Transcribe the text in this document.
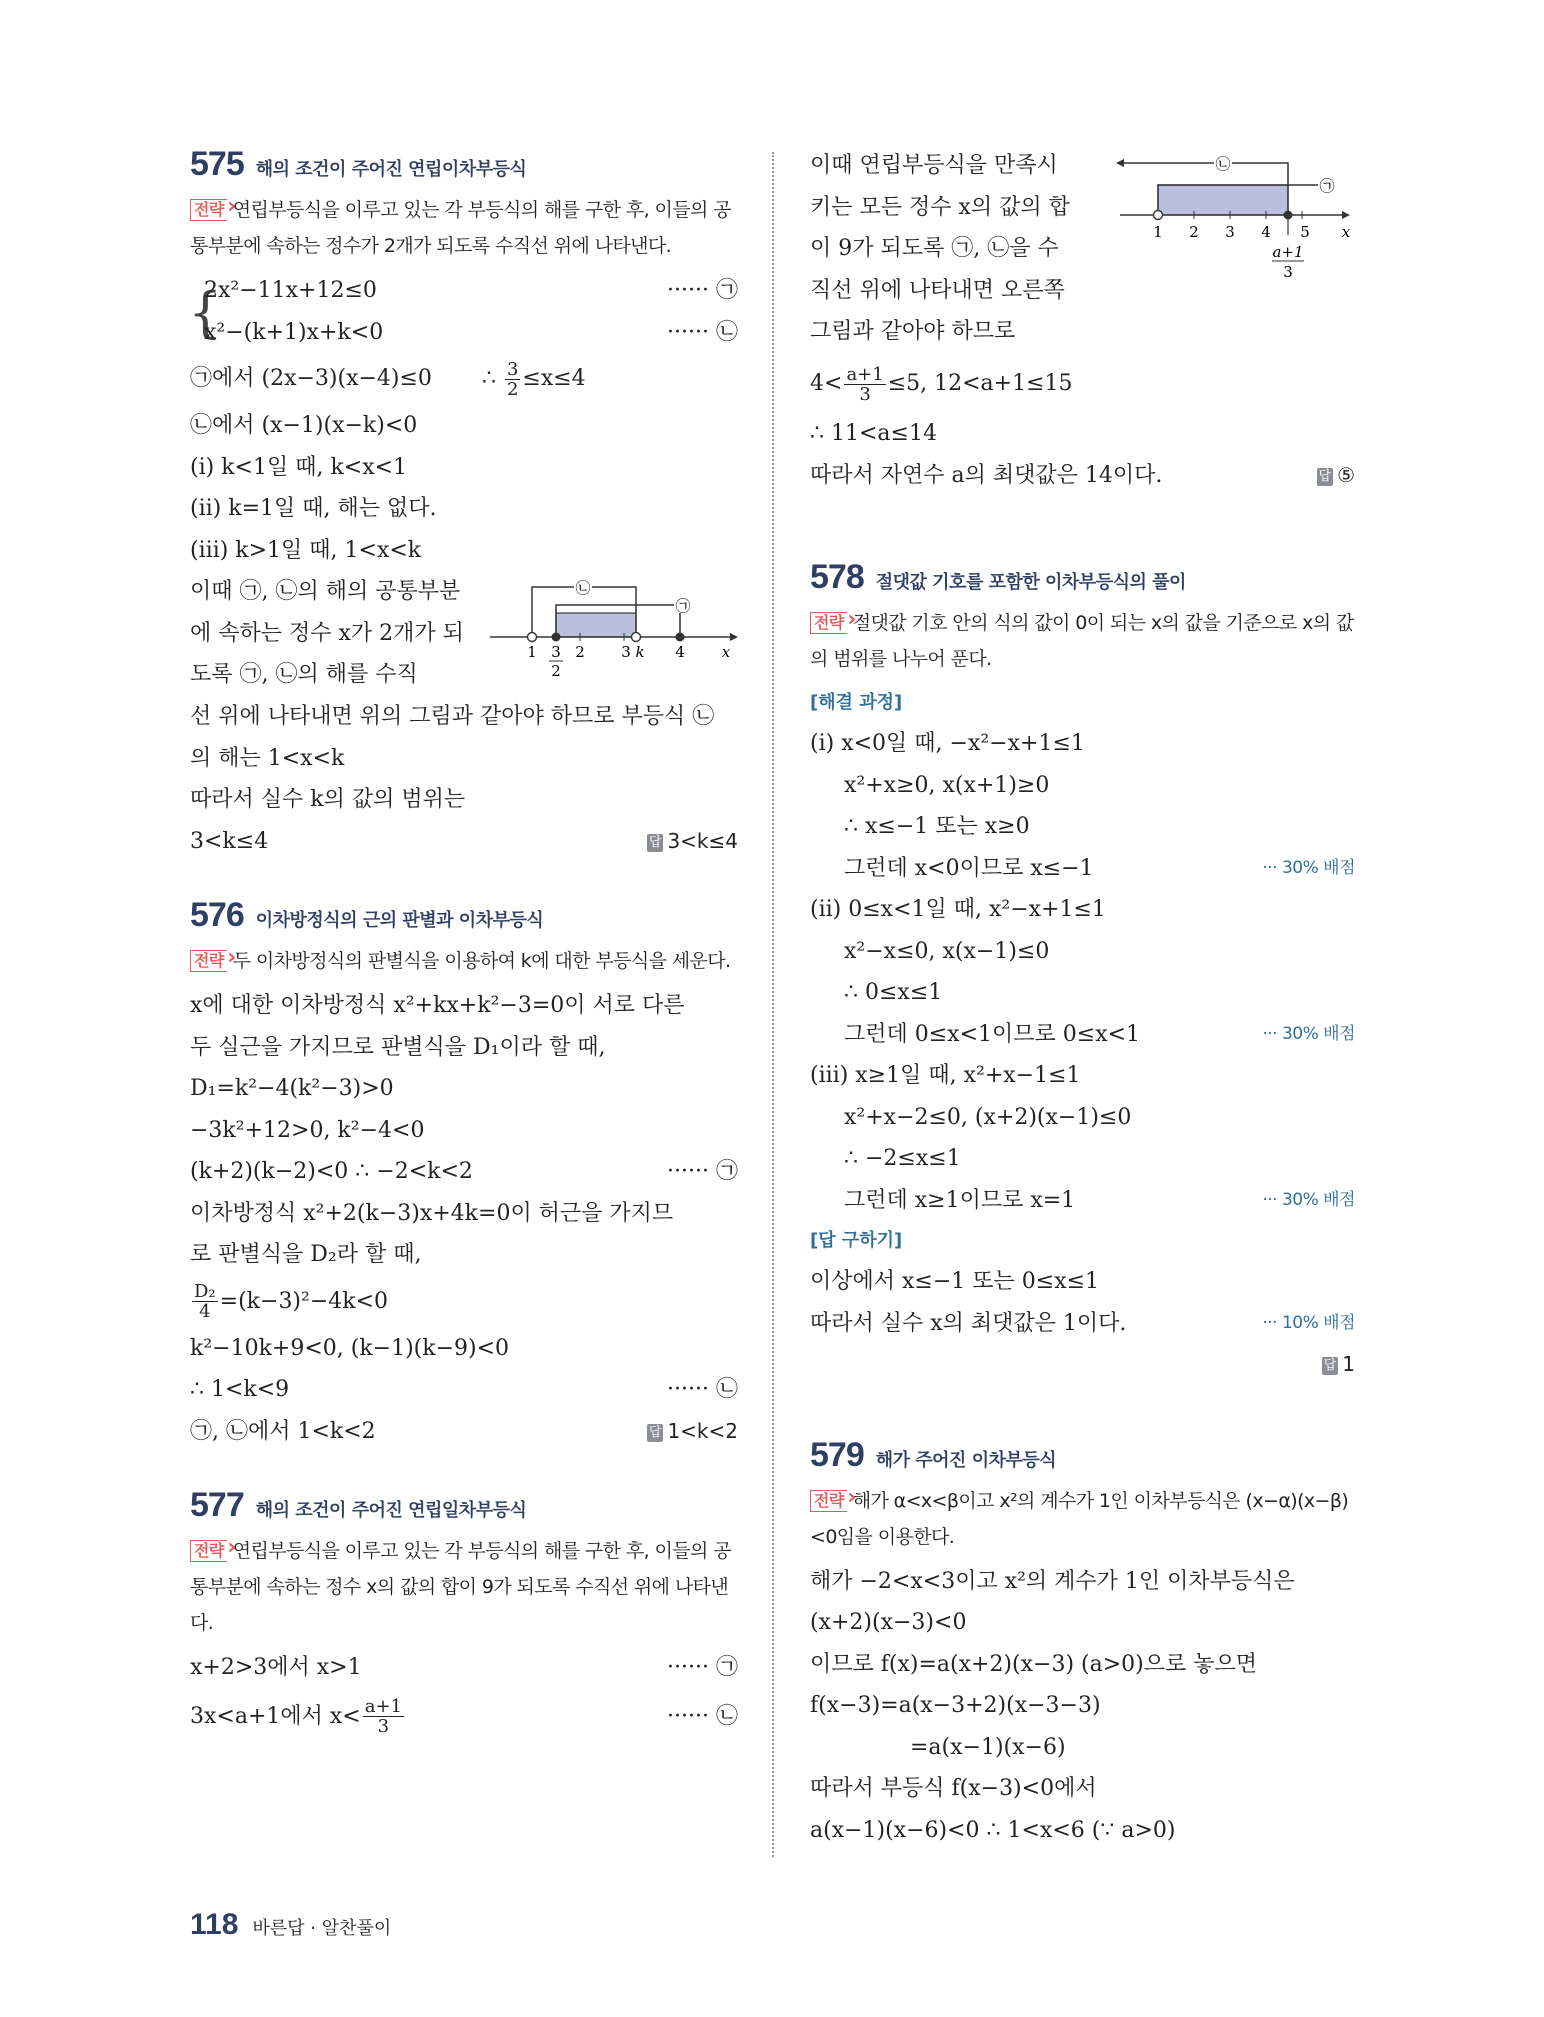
575 해의 조건이 주어진 연립이차부등식
전략 › 연립부등식을 이루고 있는 각 부등식의 해를 구한 후, 이들의 공통부분에 속하는 정수가 2개가 되도록 수직선 위에 나타낸다.
{
2x²−11x+12≤0	······ ㉠
x²−(k+1)x+k<0	······ ㉡
㉠에서 (2x−3)(x−4)≤0 ∴ $\frac{3}{2} \le x\le 4$
㉡에서 (x−1)(x−k)<0
(ⅰ) k<1일 때, k<x<1
(ⅱ) k=1일 때, 해는 없다.
(ⅲ) k>1일 때, 1<x<k
이때 ㉠, ㉡의 해의 공통부분에 속하는 정수 x가 2개가 되도록 ㉠, ㉡의 해를 수직
㉡
㉠
1 3
2
2 3 k 4 x
선 위에 나타내면 위의 그림과 같아야 하므로 부등식 ㉡
의 해는 1<x<k
따라서 실수 k의 값의 범위는
3<k≤4	답 3<k≤4
576 이차방정식의 근의 판별과 이차부등식
전략 › 두 이차방정식의 판별식을 이용하여 k에 대한 부등식을 세운다.
x에 대한 이차방정식 x²+kx+k²−3=0이 서로 다른
두 실근을 가지므로 판별식을 D₁이라 할 때,
D₁=k²−4(k²−3)>0
−3k²+12>0, k²−4<0
(k+2)(k−2)<0 ∴ −2<k<2	······ ㉠
이차방정식 x²+2(k−3)x+4k=0이 허근을 가지므
로 판별식을 D₂라 할 때,
$\frac{\text{D₂}}{4} =(k-3)^2-4k<0$
k²−10k+9<0, (k−1)(k−9)<0
∴ 1<k<9	······ ㉡
㉠, ㉡에서 1<k<2	답 1<k<2
577 해의 조건이 주어진 연립일차부등식
전략 › 연립부등식을 이루고 있는 각 부등식의 해를 구한 후, 이들의 공통부분에 속하는 정수 x의 값의 합이 9가 되도록 수직선 위에 나타낸다.
x+2>3에서 x>1	······ ㉠
3x<a+1에서 $x< \frac{a+1}{3}$	······ ㉡
이때 연립부등식을 만족시
키는 모든 정수 x의 값의 합
이 9가 되도록 ㉠, ㉡을 수
직선 위에 나타내면 오른쪽
그림과 같아야 하므로
㉡
㉠
1 2 3 4 5 x
a+1
3
$4< \frac{a+1}{3} \le 5$, 12<a+1≤15
∴ 11<a≤14
따라서 자연수 a의 최댓값은 14이다.	답 ⑤
578 절댓값 기호를 포함한 이차부등식의 풀이
전략 › 절댓값 기호 안의 식의 값이 0이 되는 x의 값을 기준으로 x의 값의 범위를 나누어 푼다.
[해결 과정]
(ⅰ) x<0일 때, −x²−x+1≤1
x²+x≥0, x(x+1)≥0
∴ x≤−1 또는 x≥0
그런데 x<0이므로 x≤−1	··· 30% 배점
(ⅱ) 0≤x<1일 때, x²−x+1≤1
x²−x≤0, x(x−1)≤0
∴ 0≤x≤1
그런데 0≤x<1이므로 0≤x<1	··· 30% 배점
(ⅲ) x≥1일 때, x²+x−1≤1
x²+x−2≤0, (x+2)(x−1)≤0
∴ −2≤x≤1
그런데 x≥1이므로 x=1	··· 30% 배점
[답 구하기]
이상에서 x≤−1 또는 0≤x≤1
따라서 실수 x의 최댓값은 1이다.	··· 10% 배점
답 1
579 해가 주어진 이차부등식
전략 › 해가 α<x<β이고 x²의 계수가 1인 이차부등식은 (x−α)(x−β)<0임을 이용한다.
해가 −2<x<3이고 x²의 계수가 1인 이차부등식은
(x+2)(x−3)<0
이므로 f(x)=a(x+2)(x−3) (a>0)으로 놓으면
f(x−3)=a(x−3+2)(x−3−3)
=a(x−1)(x−6)
따라서 부등식 f(x−3)<0에서
a(x−1)(x−6)<0 ∴ 1<x<6 (∵ a>0)
118 바른답 · 알찬풀이
